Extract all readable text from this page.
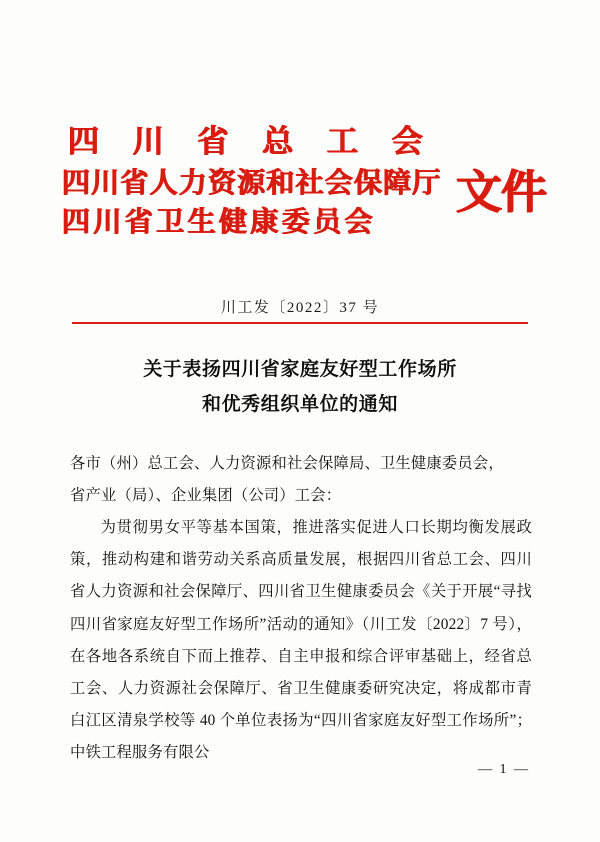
四 川 省 总 工 会
四川省人力资源和社会保障厅
四川省卫生健康委员会
文件
川工发〔2022〕37 号
关于表扬四川省家庭友好型工作场所
和优秀组织单位的通知

各市（州）总工会、人力资源和社会保障局、卫生健康委员会，

省产业（局）、企业集团（公司）工会：

为贯彻男女平等基本国策，推进落实促进人口长期均衡发展政策，推动构建和谐劳动关系高质量发展，根据四川省总工会、四川省人力资源和社会保障厅、四川省卫生健康委员会《关于开展“寻找四川省家庭友好型工作场所”活动的通知》（川工发〔2022〕7 号），在各地各系统自下而上推荐、自主申报和综合评审基础上，经省总工会、人力资源社会保障厅、省卫生健康委研究决定，将成都市青白江区清泉学校等 40 个单位表扬为“四川省家庭友好型工作场所”；中铁工程服务有限公

— 1 —
